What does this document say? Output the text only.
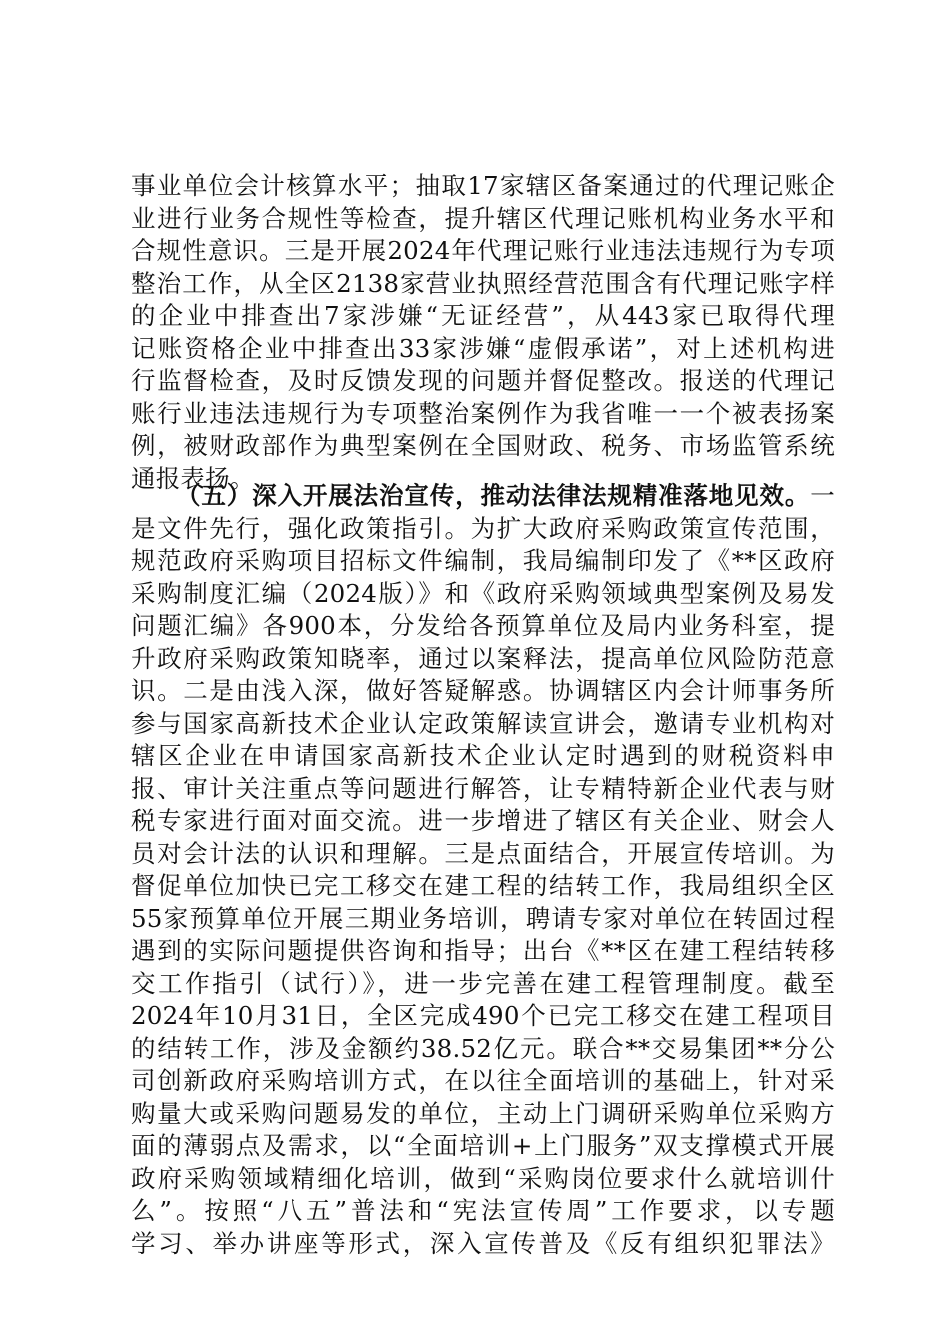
事业单位会计核算水平；抽取17家辖区备案通过的代理记账企
业进行业务合规性等检查，提升辖区代理记账机构业务水平和
合规性意识。三是开展2024年代理记账行业违法违规行为专项
整治工作，从全区2138家营业执照经营范围含有代理记账字样
的企业中排查出7家涉嫌“无证经营”，从443家已取得代理
记账资格企业中排查出33家涉嫌“虚假承诺”，对上述机构进
行监督检查，及时反馈发现的问题并督促整改。报送的代理记
账行业违法违规行为专项整治案例作为我省唯一一个被表扬案
例，被财政部作为典型案例在全国财政、税务、市场监管系统
通报表扬。
（五）深入开展法治宣传，推动法律法规精准落地见效。一
是文件先行，强化政策指引。为扩大政府采购政策宣传范围，
规范政府采购项目招标文件编制，我局编制印发了《**区政府
采购制度汇编（2024版）》和《政府采购领域典型案例及易发
问题汇编》各900本，分发给各预算单位及局内业务科室，提
升政府采购政策知晓率，通过以案释法，提高单位风险防范意
识。二是由浅入深，做好答疑解惑。协调辖区内会计师事务所
参与国家高新技术企业认定政策解读宣讲会，邀请专业机构对
辖区企业在申请国家高新技术企业认定时遇到的财税资料申
报、审计关注重点等问题进行解答，让专精特新企业代表与财
税专家进行面对面交流。进一步增进了辖区有关企业、财会人
员对会计法的认识和理解。三是点面结合，开展宣传培训。为
督促单位加快已完工移交在建工程的结转工作，我局组织全区
55家预算单位开展三期业务培训，聘请专家对单位在转固过程
遇到的实际问题提供咨询和指导；出台《**区在建工程结转移
交工作指引（试行）》，进一步完善在建工程管理制度。截至
2024年10月31日，全区完成490个已完工移交在建工程项目
的结转工作，涉及金额约38.52亿元。联合**交易集团**分公
司创新政府采购培训方式，在以往全面培训的基础上，针对采
购量大或采购问题易发的单位，主动上门调研采购单位采购方
面的薄弱点及需求，以“全面培训+上门服务”双支撑模式开展
政府采购领域精细化培训，做到“采购岗位要求什么就培训什
么”。按照“八五”普法和“宪法宣传周”工作要求，以专题
学习、举办讲座等形式，深入宣传普及《反有组织犯罪法》
